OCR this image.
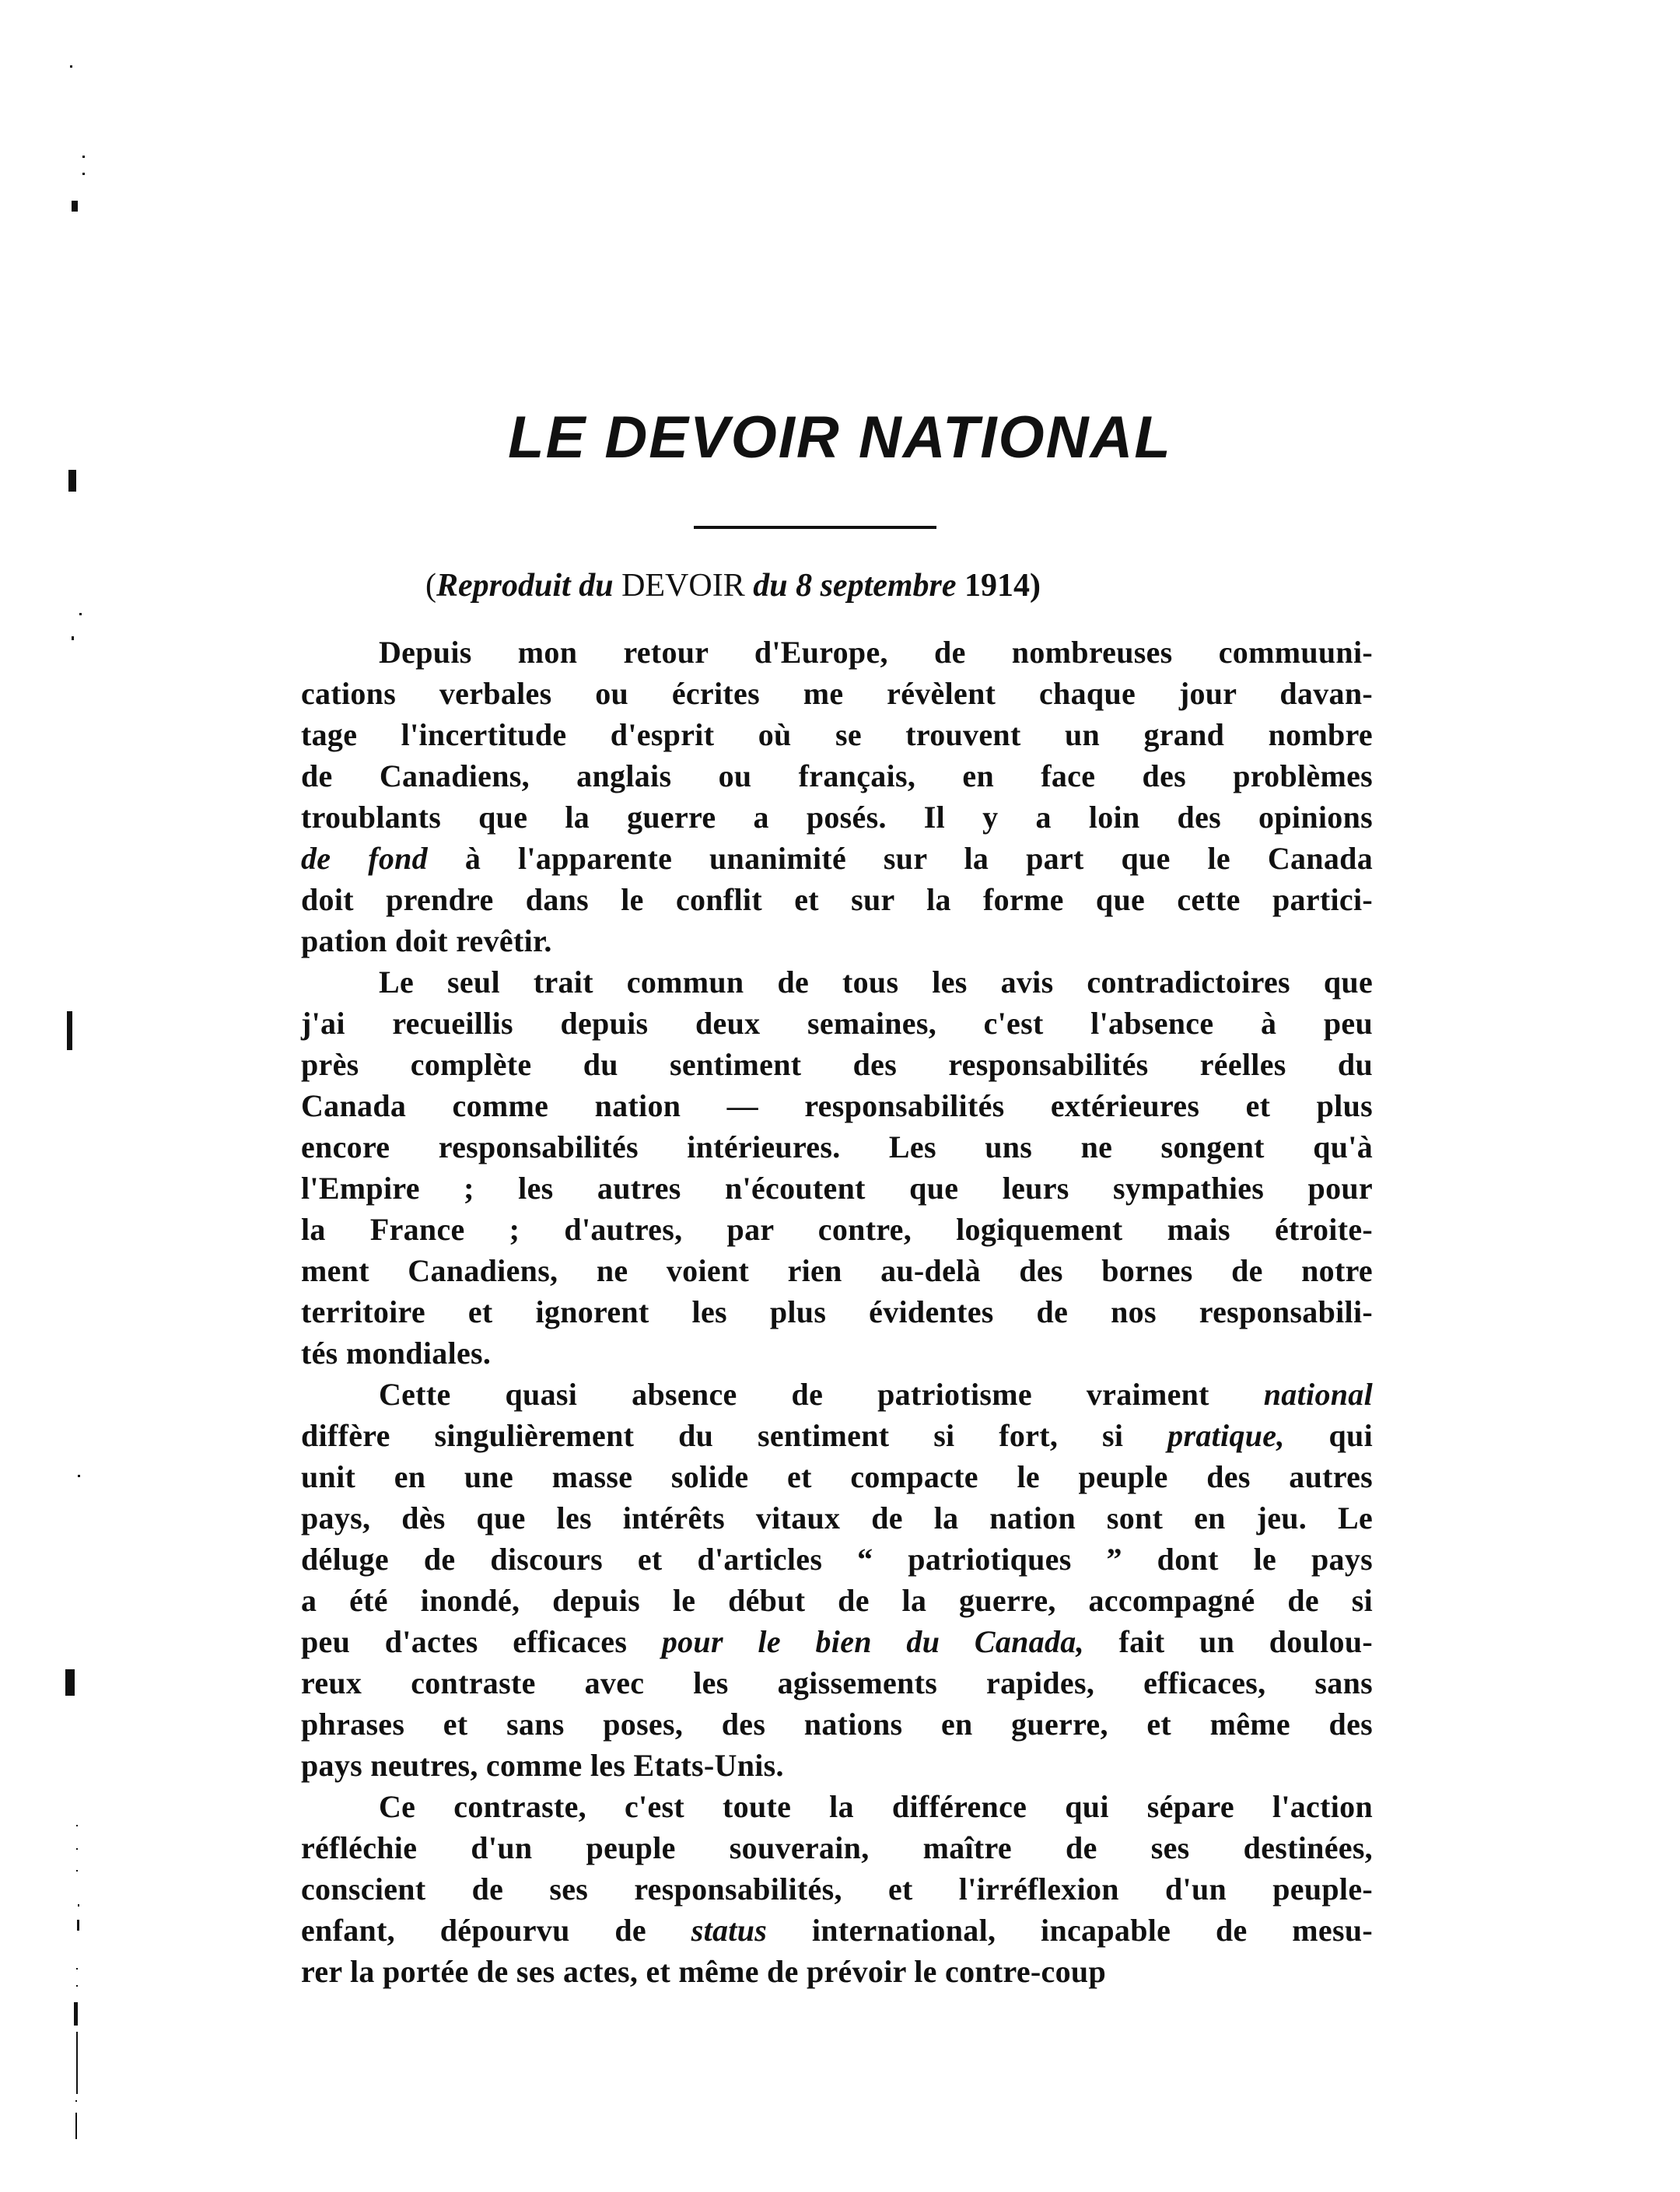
LE DEVOIR NATIONAL
(Reproduit du DEVOIR du 8 septembre 1914)

Depuis mon retour d'Europe, de nombreuses commuuni-
cations verbales ou écrites me révèlent chaque jour davan-
tage l'incertitude d'esprit où se trouvent un grand nombre
de Canadiens, anglais ou français, en face des problèmes
troublants que la guerre a posés. Il y a loin des opinions
de fond à l'apparente unanimité sur la part que le Canada
doit prendre dans le conflit et sur la forme que cette partici-
pation doit revêtir.

Le seul trait commun de tous les avis contradictoires que
j'ai recueillis depuis deux semaines, c'est l'absence à peu
près complète du sentiment des responsabilités réelles du
Canada comme nation — responsabilités extérieures et plus
encore responsabilités intérieures. Les uns ne songent qu'à
l'Empire ; les autres n'écoutent que leurs sympathies pour
la France ; d'autres, par contre, logiquement mais étroite-
ment Canadiens, ne voient rien au-delà des bornes de notre
territoire et ignorent les plus évidentes de nos responsabili-
tés mondiales.

Cette quasi absence de patriotisme vraiment national
diffère singulièrement du sentiment si fort, si pratique, qui
unit en une masse solide et compacte le peuple des autres
pays, dès que les intérêts vitaux de la nation sont en jeu. Le
déluge de discours et d'articles “ patriotiques ” dont le pays
a été inondé, depuis le début de la guerre, accompagné de si
peu d'actes efficaces pour le bien du Canada, fait un doulou-
reux contraste avec les agissements rapides, efficaces, sans
phrases et sans poses, des nations en guerre, et même des
pays neutres, comme les Etats-Unis.

Ce contraste, c'est toute la différence qui sépare l'action
réfléchie d'un peuple souverain, maître de ses destinées,
conscient de ses responsabilités, et l'irréflexion d'un peuple-
enfant, dépourvu de status international, incapable de mesu-
rer la portée de ses actes, et même de prévoir le contre-coup
